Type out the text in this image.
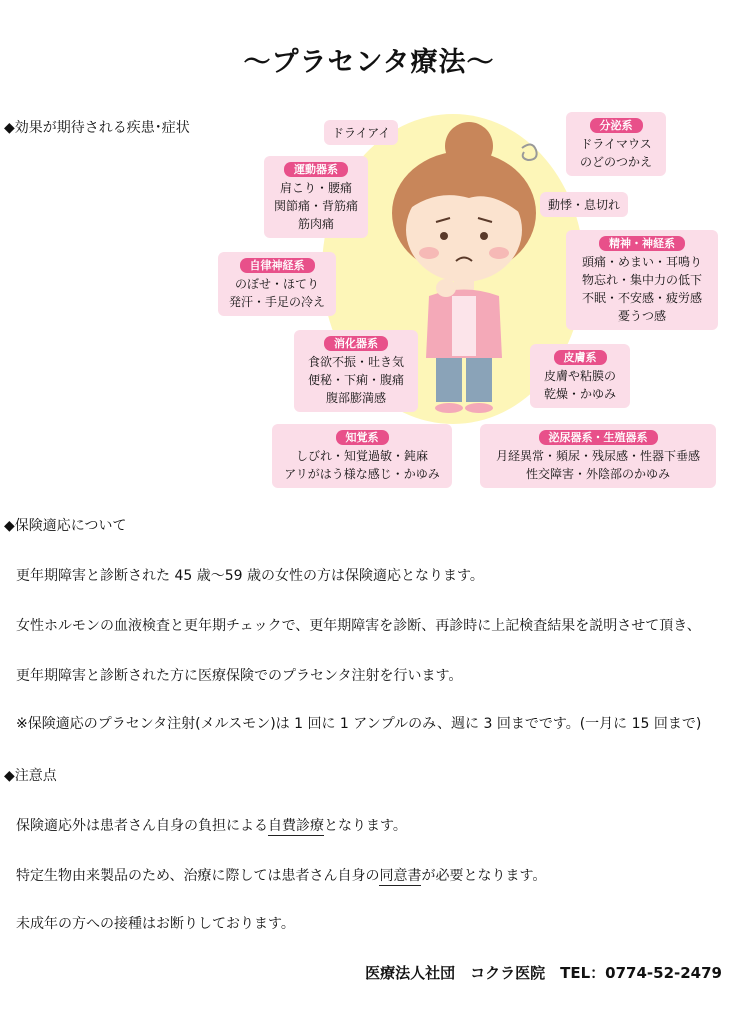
～プラセンタ療法～
◆効果が期待される疾患･症状	ドライアイ
動悸・息切れ
分泌系
ドライマウス
のどのつかえ
運動器系
肩こり・腰痛
関節痛・背筋痛
筋肉痛
精神・神経系
頭痛・めまい・耳鳴り
物忘れ・集中力の低下
不眠・不安感・疲労感
憂うつ感
自律神経系
のぼせ・ほてり
発汗・手足の冷え
消化器系
食欲不振・吐き気
便秘・下痢・腹痛
腹部膨満感
皮膚系
皮膚や粘膜の
乾燥・かゆみ
知覚系
しびれ・知覚過敏・鈍麻
アリがはう様な感じ・かゆみ
泌尿器系・生殖器系
月経異常・頻尿・残尿感・性器下垂感
性交障害・外陰部のかゆみ
◆保険適応について
更年期障害と診断された 45 歳～59 歳の女性の方は保険適応となります。
女性ホルモンの血液検査と更年期チェックで、更年期障害を診断、再診時に上記検査結果を説明させて頂き、
更年期障害と診断された方に医療保険でのプラセンタ注射を行います。
※保険適応のプラセンタ注射(メルスモン)は 1 回に 1 アンプルのみ、週に 3 回までです。(一月に 15 回まで)
◆注意点
保険適応外は患者さん自身の負担による自費診療となります。
特定生物由来製品のため、治療に際しては患者さん自身の同意書が必要となります。
未成年の方への接種はお断りしております。
医療法人社団　コクラ医院　TEL：0774-52-2479
